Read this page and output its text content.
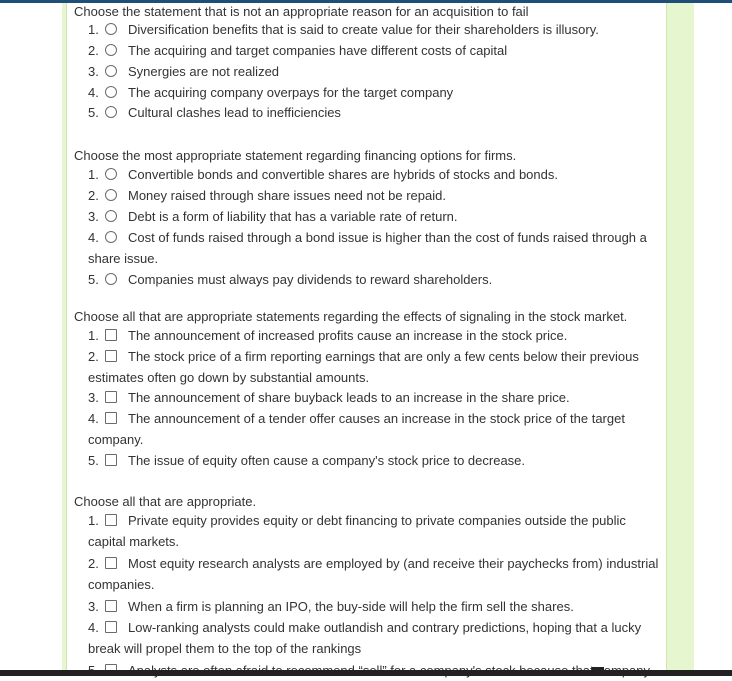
Choose the statement that is not an appropriate reason for an acquisition to fail
1. Diversification benefits that is said to create value for their shareholders is illusory.
2. The acquiring and target companies have different costs of capital
3. Synergies are not realized
4. The acquiring company overpays for the target company
5. Cultural clashes lead to inefficiencies
Choose the most appropriate statement regarding financing options for firms.
1. Convertible bonds and convertible shares are hybrids of stocks and bonds.
2. Money raised through share issues need not be repaid.
3. Debt is a form of liability that has a variable rate of return.
4. Cost of funds raised through a bond issue is higher than the cost of funds raised through a share issue.
5. Companies must always pay dividends to reward shareholders.
Choose all that are appropriate statements regarding the effects of signaling in the stock market.
1. The announcement of increased profits cause an increase in the stock price.
2. The stock price of a firm reporting earnings that are only a few cents below their previous estimates often go down by substantial amounts.
3. The announcement of share buyback leads to an increase in the share price.
4. The announcement of a tender offer causes an increase in the stock price of the target company.
5. The issue of equity often cause a company's stock price to decrease.
Choose all that are appropriate.
1. Private equity provides equity or debt financing to private companies outside the public capital markets.
2. Most equity research analysts are employed by (and receive their paychecks from) industrial companies.
3. When a firm is planning an IPO, the buy-side will help the firm sell the shares.
4. Low-ranking analysts could make outlandish and contrary predictions, hoping that a lucky break will propel them to the top of the rankings
